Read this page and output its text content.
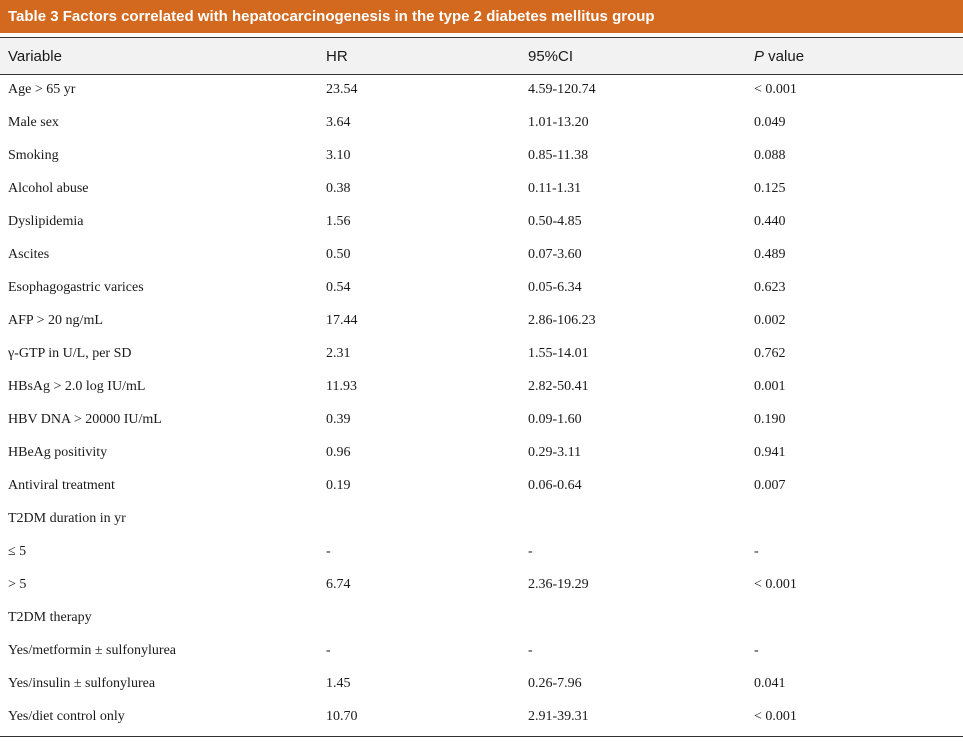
Table 3 Factors correlated with hepatocarcinogenesis in the type 2 diabetes mellitus group
Variable	HR	95%CI	P value
Age > 65 yr	23.54	4.59-120.74	< 0.001
Male sex	3.64	1.01-13.20	0.049
Smoking	3.10	0.85-11.38	0.088
Alcohol abuse	0.38	0.11-1.31	0.125
Dyslipidemia	1.56	0.50-4.85	0.440
Ascites	0.50	0.07-3.60	0.489
Esophagogastric varices	0.54	0.05-6.34	0.623
AFP > 20 ng/mL	17.44	2.86-106.23	0.002
γ-GTP in U/L, per SD	2.31	1.55-14.01	0.762
HBsAg > 2.0 log IU/mL	11.93	2.82-50.41	0.001
HBV DNA > 20000 IU/mL	0.39	0.09-1.60	0.190
HBeAg positivity	0.96	0.29-3.11	0.941
Antiviral treatment	0.19	0.06-0.64	0.007
T2DM duration in yr
≤ 5	-	-	-
> 5	6.74	2.36-19.29	< 0.001
T2DM therapy
Yes/metformin ± sulfonylurea	-	-	-
Yes/insulin ± sulfonylurea	1.45	0.26-7.96	0.041
Yes/diet control only	10.70	2.91-39.31	< 0.001
